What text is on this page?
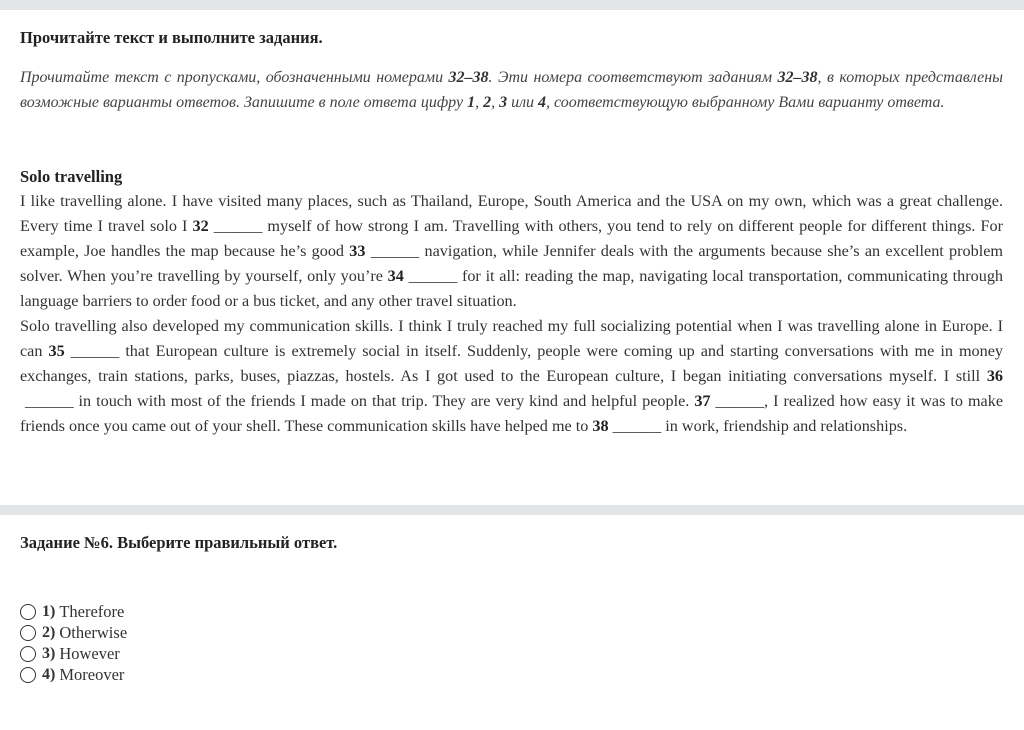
Прочитайте текст и выполните задания.
Прочитайте текст с пропусками, обозначенными номерами 32–38. Эти номера соответствуют заданиям 32–38, в которых представлены возможные варианты ответов. Запишите в поле ответа цифру 1, 2, 3 или 4, соответствующую выбранному Вами варианту ответа.
Solo travelling

I like travelling alone. I have visited many places, such as Thailand, Europe, South America and the USA on my own, which was a great challenge. Every time I travel solo I 32 ______ myself of how strong I am. Travelling with others, you tend to rely on different people for different things. For example, Joe handles the map because he’s good 33 ______ navigation, while Jennifer deals with the arguments because she’s an excellent problem solver. When you’re travelling by yourself, only you’re 34 ______ for it all: reading the map, navigating local transportation, communicating through language barriers to order food or a bus ticket, and any other travel situation.

Solo travelling also developed my communication skills. I think I truly reached my full socializing potential when I was travelling alone in Europe. I can 35 ______ that European culture is extremely social in itself. Suddenly, people were coming up and starting conversations with me in money exchanges, train stations, parks, buses, piazzas, hostels. As I got used to the European culture, I began initiating conversations myself. I still 36 ______ in touch with most of the friends I made on that trip. They are very kind and helpful people. 37 ______, I realized how easy it was to make friends once you came out of your shell. These communication skills have helped me to 38 ______ in work, friendship and relationships.

Задание №6. Выберите правильный ответ.
1) Therefore
2) Otherwise
3) However
4) Moreover
